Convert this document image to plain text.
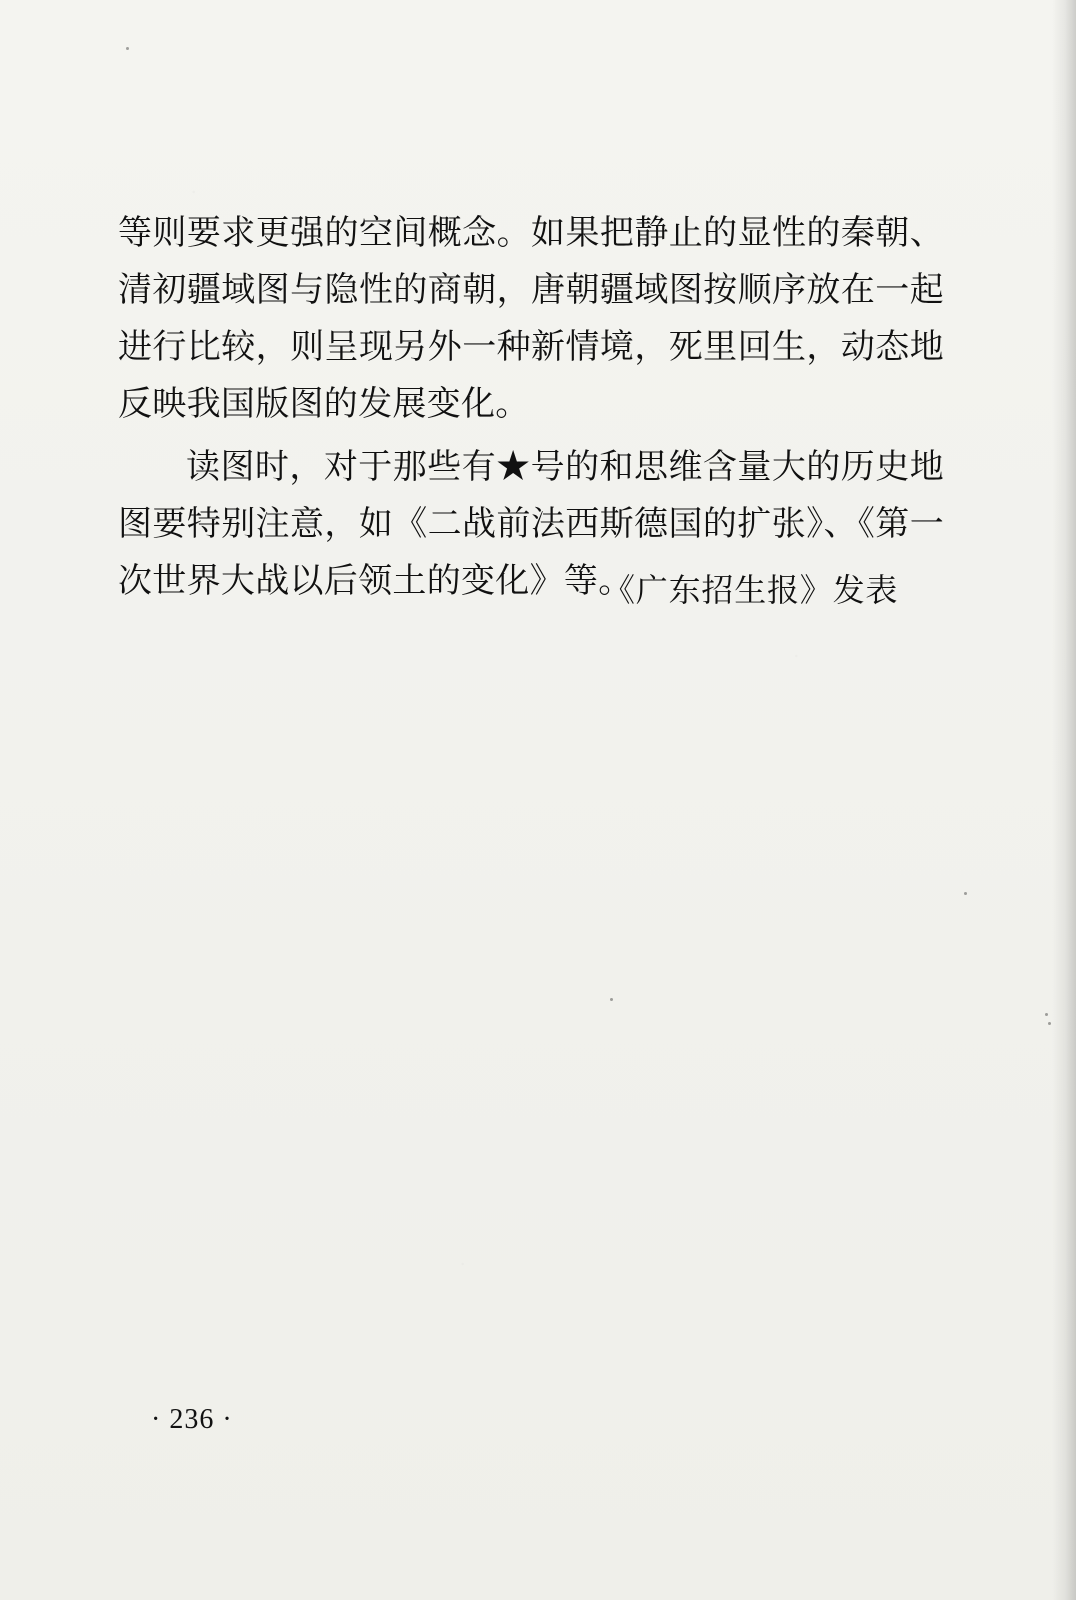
等则要求更强的空间概念。如果把静止的显性的秦朝、清初疆域图与隐性的商朝，唐朝疆域图按顺序放在一起进行比较，则呈现另外一种新情境，死里回生，动态地反映我国版图的发展变化。

读图时，对于那些有★号的和思维含量大的历史地图要特别注意，如《二战前法西斯德国的扩张》、《第一次世界大战以后领土的变化》等。

《广东招生报》发表
· 236 ·
